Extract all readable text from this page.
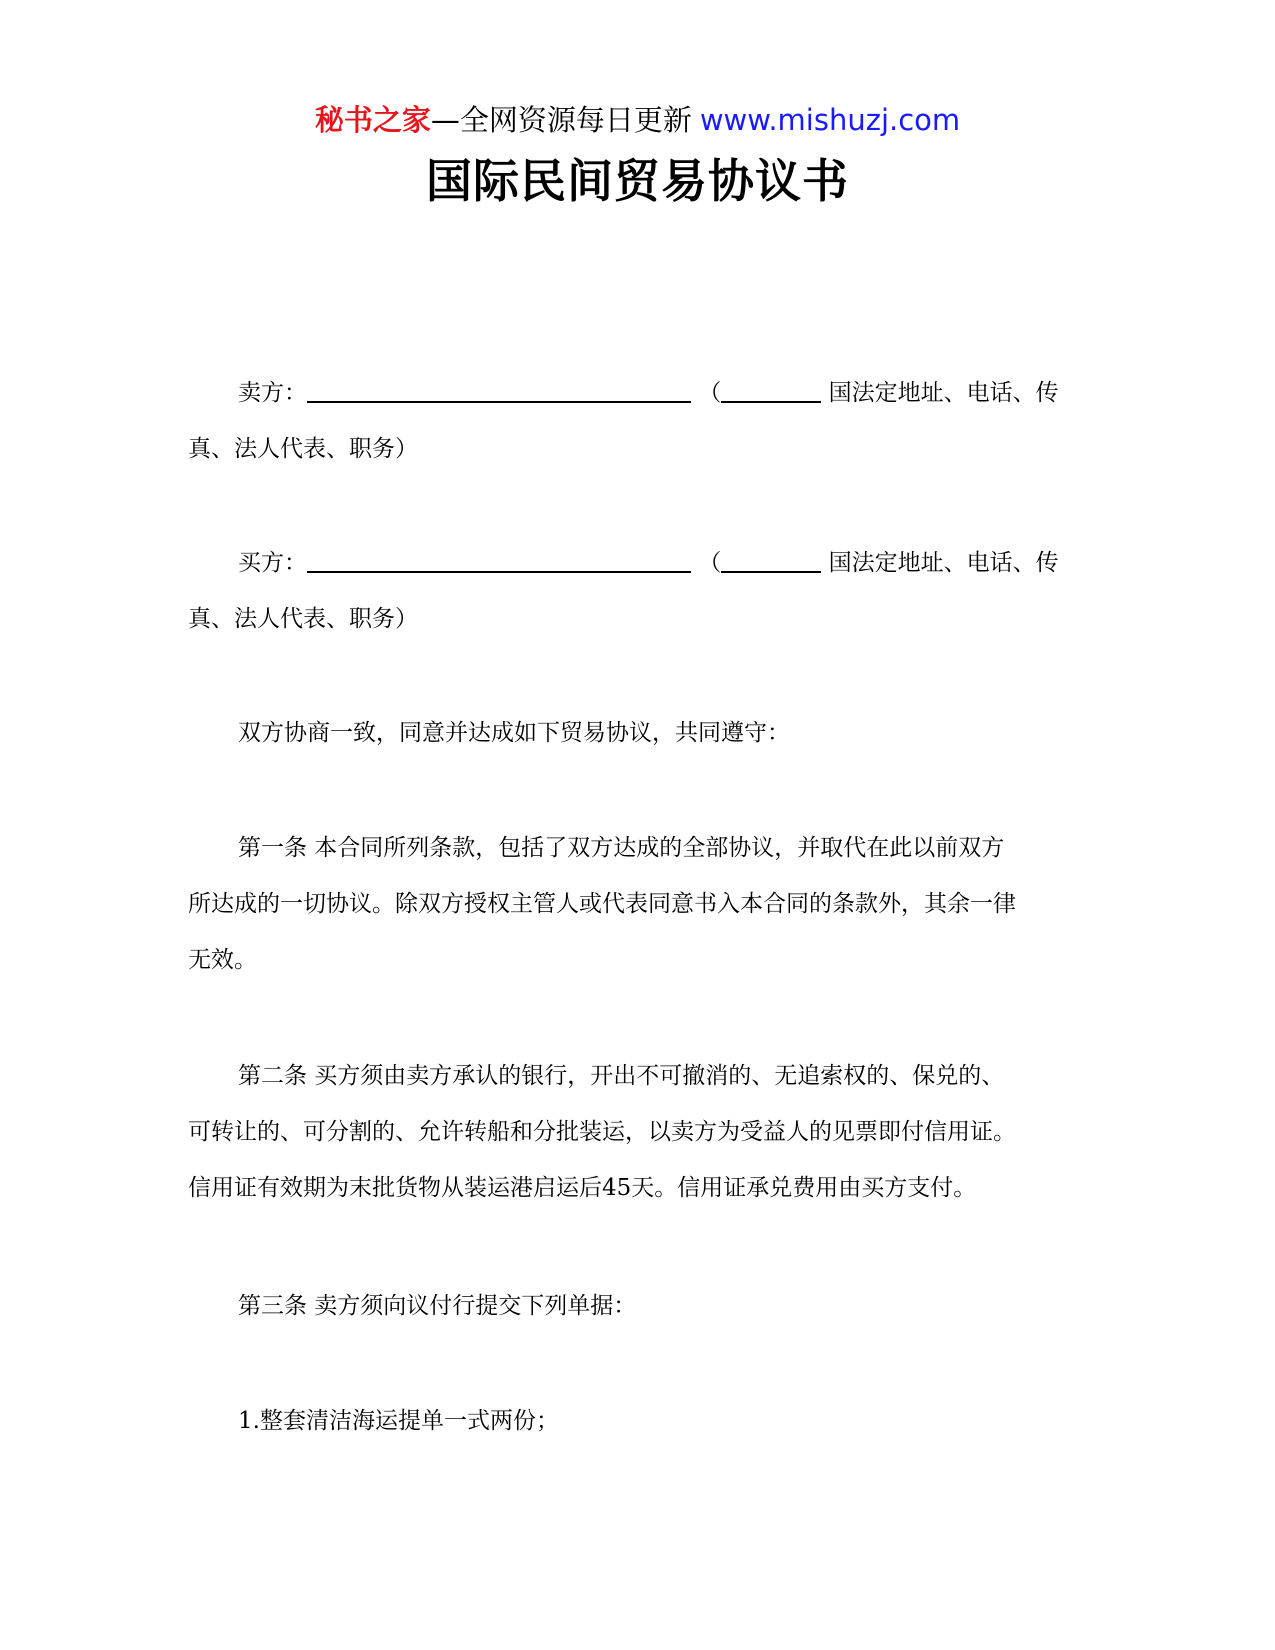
秘书之家—全网资源每日更新 www.mishuzj.com
国际民间贸易协议书
卖方：	（	国法定地址、电话、传
真、法人代表、职务）
买方：	（	国法定地址、电话、传
真、法人代表、职务）
双方协商一致，同意并达成如下贸易协议，共同遵守：
第一条 本合同所列条款，包括了双方达成的全部协议，并取代在此以前双方
所达成的一切协议。除双方授权主管人或代表同意书入本合同的条款外，其余一律
无效。
第二条 买方须由卖方承认的银行，开出不可撤消的、无追索权的、保兑的、
可转让的、可分割的、允许转船和分批装运，以卖方为受益人的见票即付信用证。
信用证有效期为末批货物从装运港启运后45天。信用证承兑费用由买方支付。
第三条 卖方须向议付行提交下列单据：
1.整套清洁海运提单一式两份；
